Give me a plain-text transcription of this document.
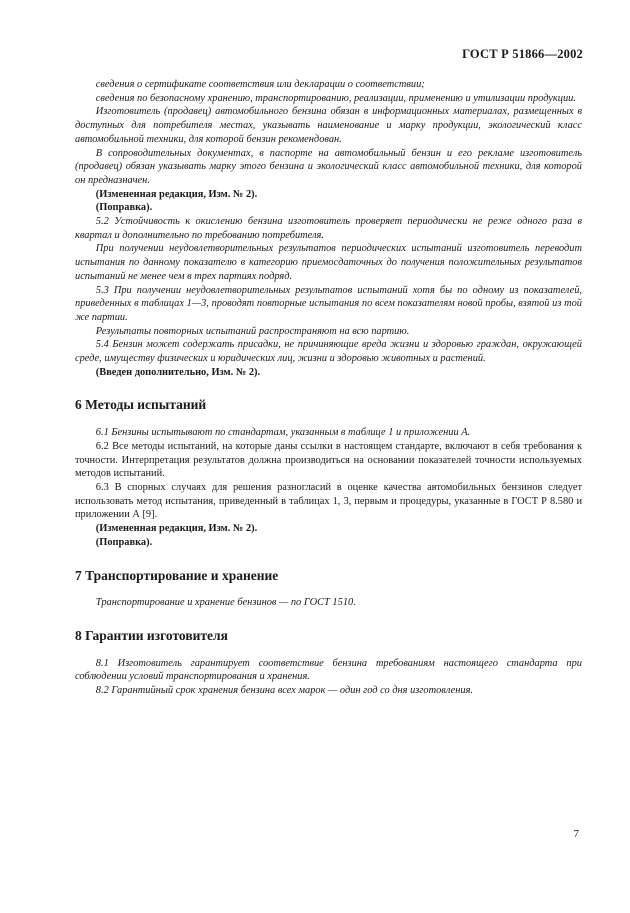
ГОСТ Р 51866—2002

сведения о сертификате соответствия или декларации о соответствии;

сведения по безопасному хранению, транспортированию, реализации, применению и утилизации продукции.

Изготовитель (продавец) автомобильного бензина обязан в информационных материалах, размещенных в доступных для потребителя местах, указывать наименование и марку продукции, экологический класс автомобильной техники, для которой бензин рекомендован.

В сопроводительных документах, в паспорте на автомобильный бензин и его рекламе изготовитель (продавец) обязан указывать марку этого бензина и экологический класс автомобильной техники, для которой он предназначен.

(Измененная редакция, Изм. № 2).

(Поправка).

5.2 Устойчивость к окислению бензина изготовитель проверяет периодически не реже одного раза в квартал и дополнительно по требованию потребителя.

При получении неудовлетворительных результатов периодических испытаний изготовитель переводит испытания по данному показателю в категорию приемосдаточных до получения положительных результатов испытаний не менее чем в трех партиях подряд.

5.3 При получении неудовлетворительных результатов испытаний хотя бы по одному из показателей, приведенных в таблицах 1—3, проводят повторные испытания по всем показателям новой пробы, взятой из той же партии.

Результаты повторных испытаний распространяют на всю партию.

5.4 Бензин может содержать присадки, не причиняющие вреда жизни и здоровью граждан, окружающей среде, имуществу физических и юридических лиц, жизни и здоровью животных и растений.

(Введен дополнительно, Изм. № 2).

6 Методы испытаний

6.1 Бензины испытывают по стандартам, указанным в таблице 1 и приложении А.

6.2 Все методы испытаний, на которые даны ссылки в настоящем стандарте, включают в себя требования к точности. Интерпретация результатов должна производиться на основании показателей точности используемых методов испытаний.

6.3 В спорных случаях для решения разногласий в оценке качества автомобильных бензинов следует использовать метод испытания, приведенный в таблицах 1, 3, первым и процедуры, указанные в ГОСТ Р 8.580 и приложении А [9].

(Измененная редакция, Изм. № 2).

(Поправка).

7 Транспортирование и хранение

Транспортирование и хранение бензинов — по ГОСТ 1510.

8 Гарантии изготовителя

8.1 Изготовитель гарантирует соответствие бензина требованиям настоящего стандарта при соблюдении условий транспортирования и хранения.

8.2 Гарантийный срок хранения бензина всех марок — один год со дня изготовления.

7
